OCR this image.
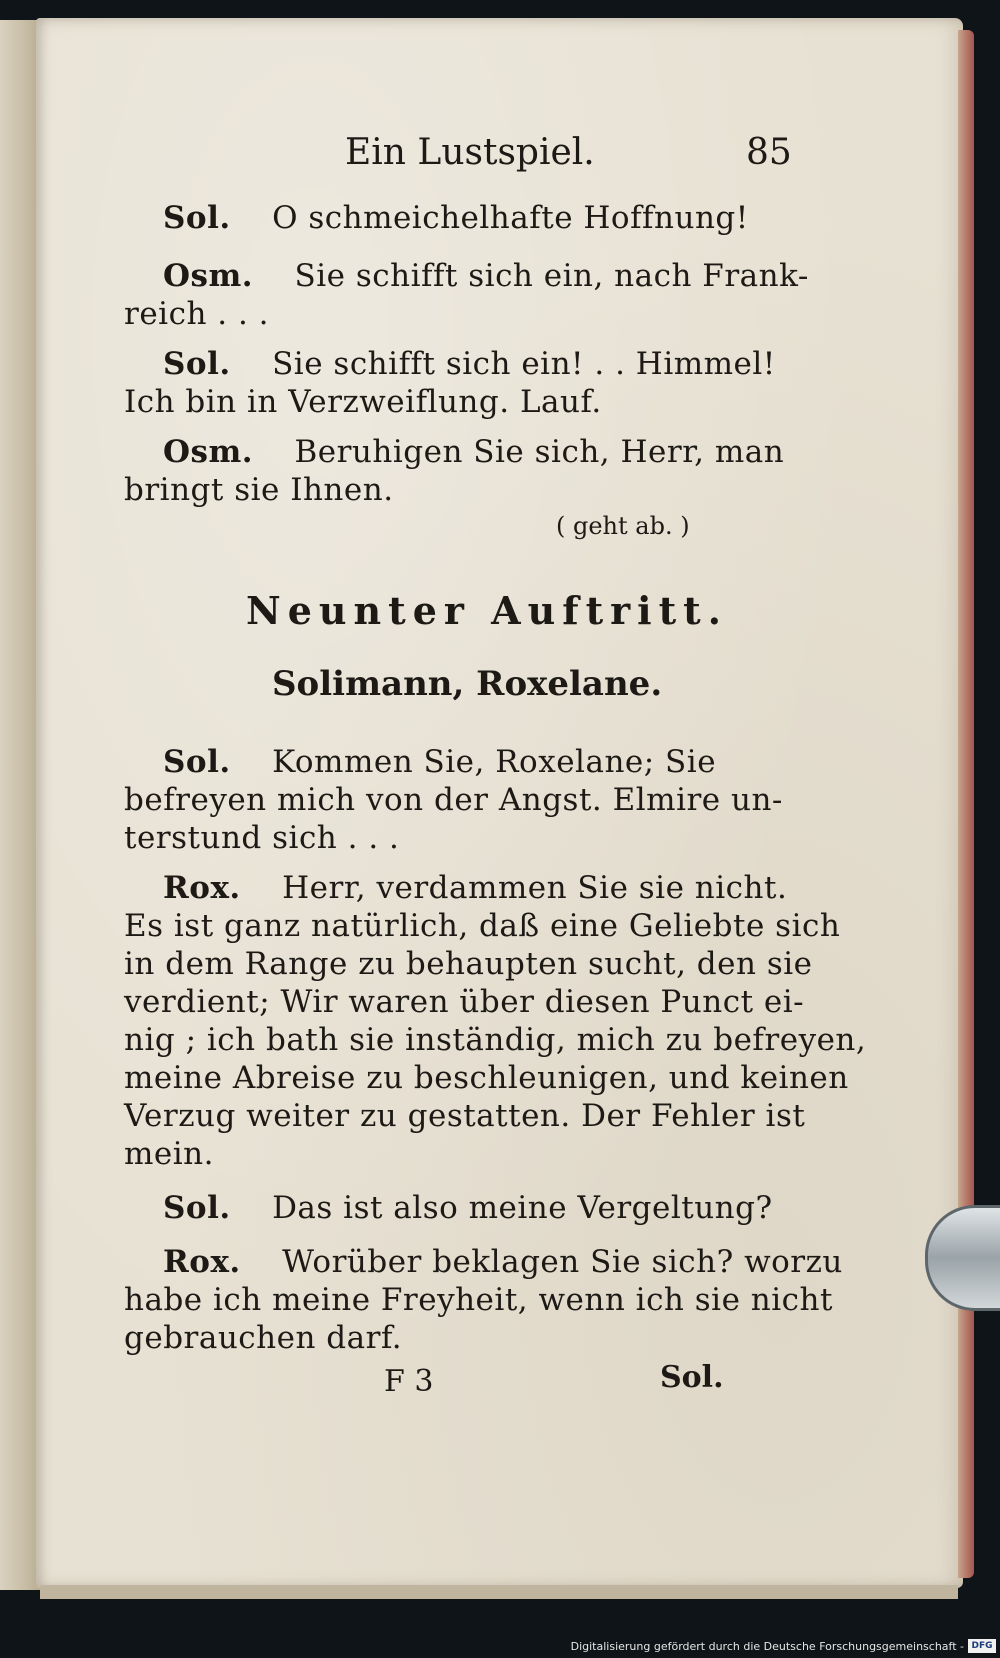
Ein Lustspiel.	85
Sol. O schmeichelhafte Hoffnung!
Osm. Sie schifft sich ein, nach Frank-
reich . . .
Sol. Sie schifft sich ein! . . Himmel!
Ich bin in Verzweiflung. Lauf.
Osm. Beruhigen Sie sich, Herr, man
bringt sie Ihnen.
( geht ab. )
Neunter Auftritt.
Solimann, Roxelane.
Sol. Kommen Sie, Roxelane; Sie
befreyen mich von der Angst. Elmire un-
terstund sich . . .
Rox. Herr, verdammen Sie sie nicht.
Es ist ganz natürlich, daß eine Geliebte sich
in dem Range zu behaupten sucht, den sie
verdient; Wir waren über diesen Punct ei-
nig ; ich bath sie inständig, mich zu befreyen,
meine Abreise zu beschleunigen, und keinen
Verzug weiter zu gestatten. Der Fehler ist
mein.
Sol. Das ist also meine Vergeltung?
Rox. Worüber beklagen Sie sich? worzu
habe ich meine Freyheit, wenn ich sie nicht
gebrauchen darf.
F 3	Sol.
Digitalisierung gefördert durch die Deutsche Forschungsgemeinschaft - DFG
